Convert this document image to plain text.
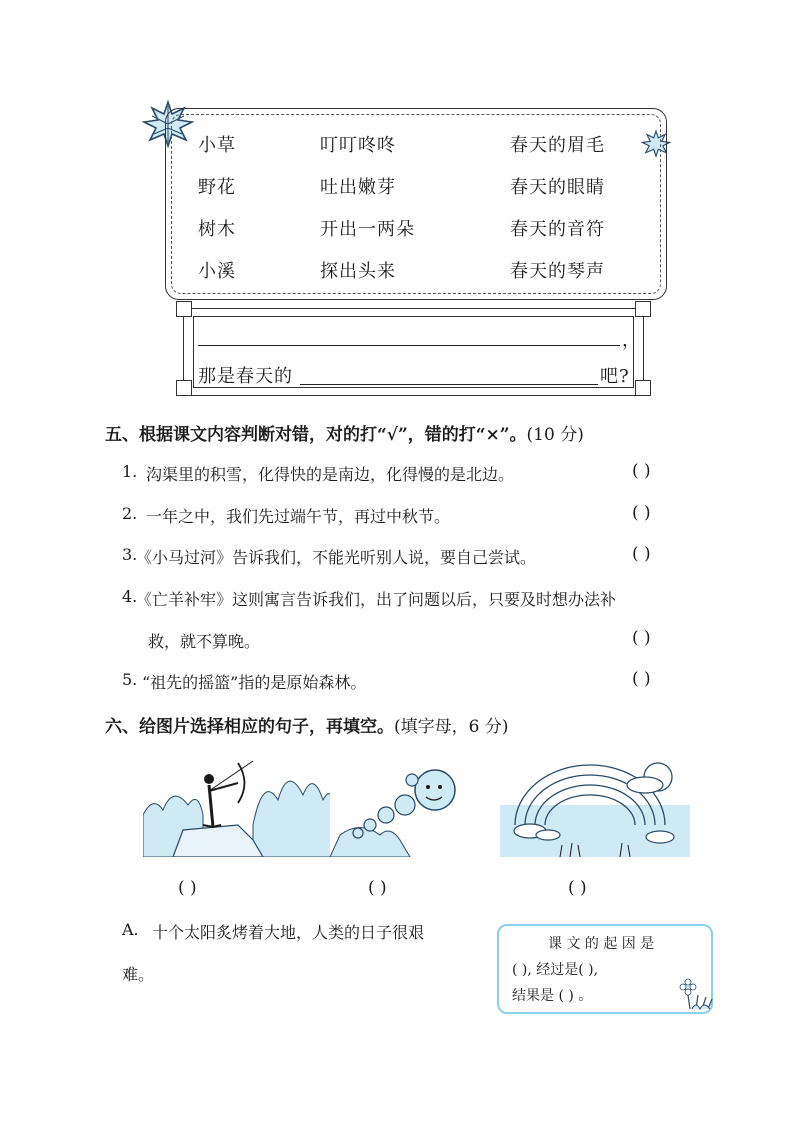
小草	叮叮咚咚	春天的眉毛
野花	吐出嫩芽	春天的眼睛
树木	开出一两朵	春天的音符
小溪	探出头来	春天的琴声
，
那是春天的	吧?
五、根据课文内容判断对错，对的打“√”，错的打“×”。(10 分)
1. 沟渠里的积雪，化得快的是南边，化得慢的是北边。	( )
2. 一年之中，我们先过端午节，再过中秋节。	( )
3.
《小马过河》告诉我们，不能光听别人说，要自己尝试。	( )
4.
《亡羊补牢》这则寓言告诉我们，出了问题以后，只要及时想办法补
救，就不算晚。	( )
5. “祖先的摇篮”指的是原始森林。	( )
六、给图片选择相应的句子，再填空。(填字母，6 分)
( )	( )	( )
A. 十个太阳炙烤着大地，人类的日子很艰
难。
课 文 的 起 因 是
( ), 经过是( ),
结果是 ( ) 。
